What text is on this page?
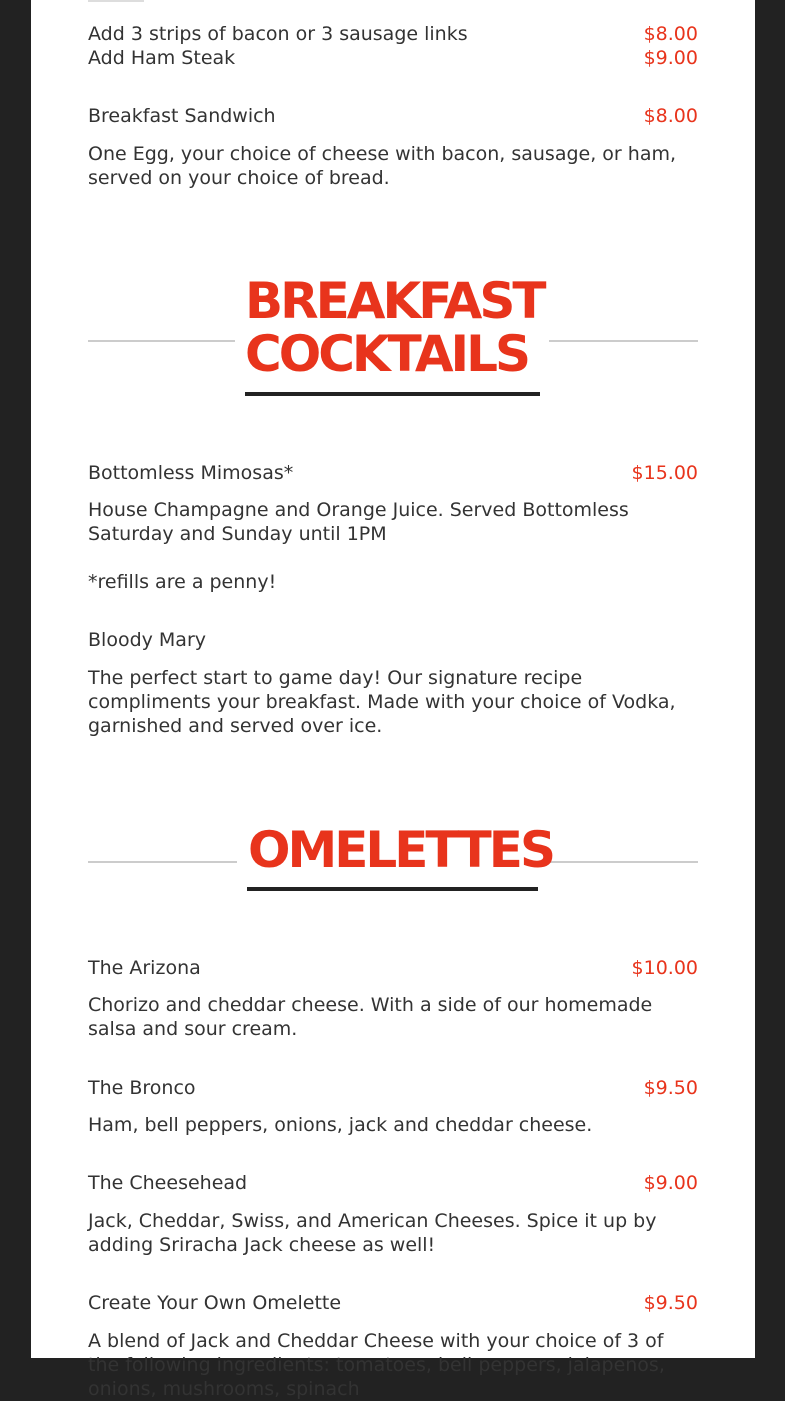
Add 3 strips of bacon or 3 sausage links	$8.00
Add Ham Steak	$9.00
Breakfast Sandwich	$8.00
One Egg, your choice of cheese with bacon, sausage, or ham, served on your choice of bread.
BREAKFAST
COCKTAILS
Bottomless Mimosas*	$15.00
House Champagne and Orange Juice. Served Bottomless Saturday and Sunday until 1PM
*refills are a penny!
Bloody Mary
The perfect start to game day! Our signature recipe compliments your breakfast. Made with your choice of Vodka, garnished and served over ice.
OMELETTES
The Arizona	$10.00
Chorizo and cheddar cheese. With a side of our homemade salsa and sour cream.
The Bronco	$9.50
Ham, bell peppers, onions, jack and cheddar cheese.
The Cheesehead	$9.00
Jack, Cheddar, Swiss, and American Cheeses. Spice it up by adding Sriracha Jack cheese as well!
Create Your Own Omelette	$9.50
A blend of Jack and Cheddar Cheese with your choice of 3 of the following ingredients: tomatoes, bell peppers, jalapenos, onions, mushrooms, spinach
